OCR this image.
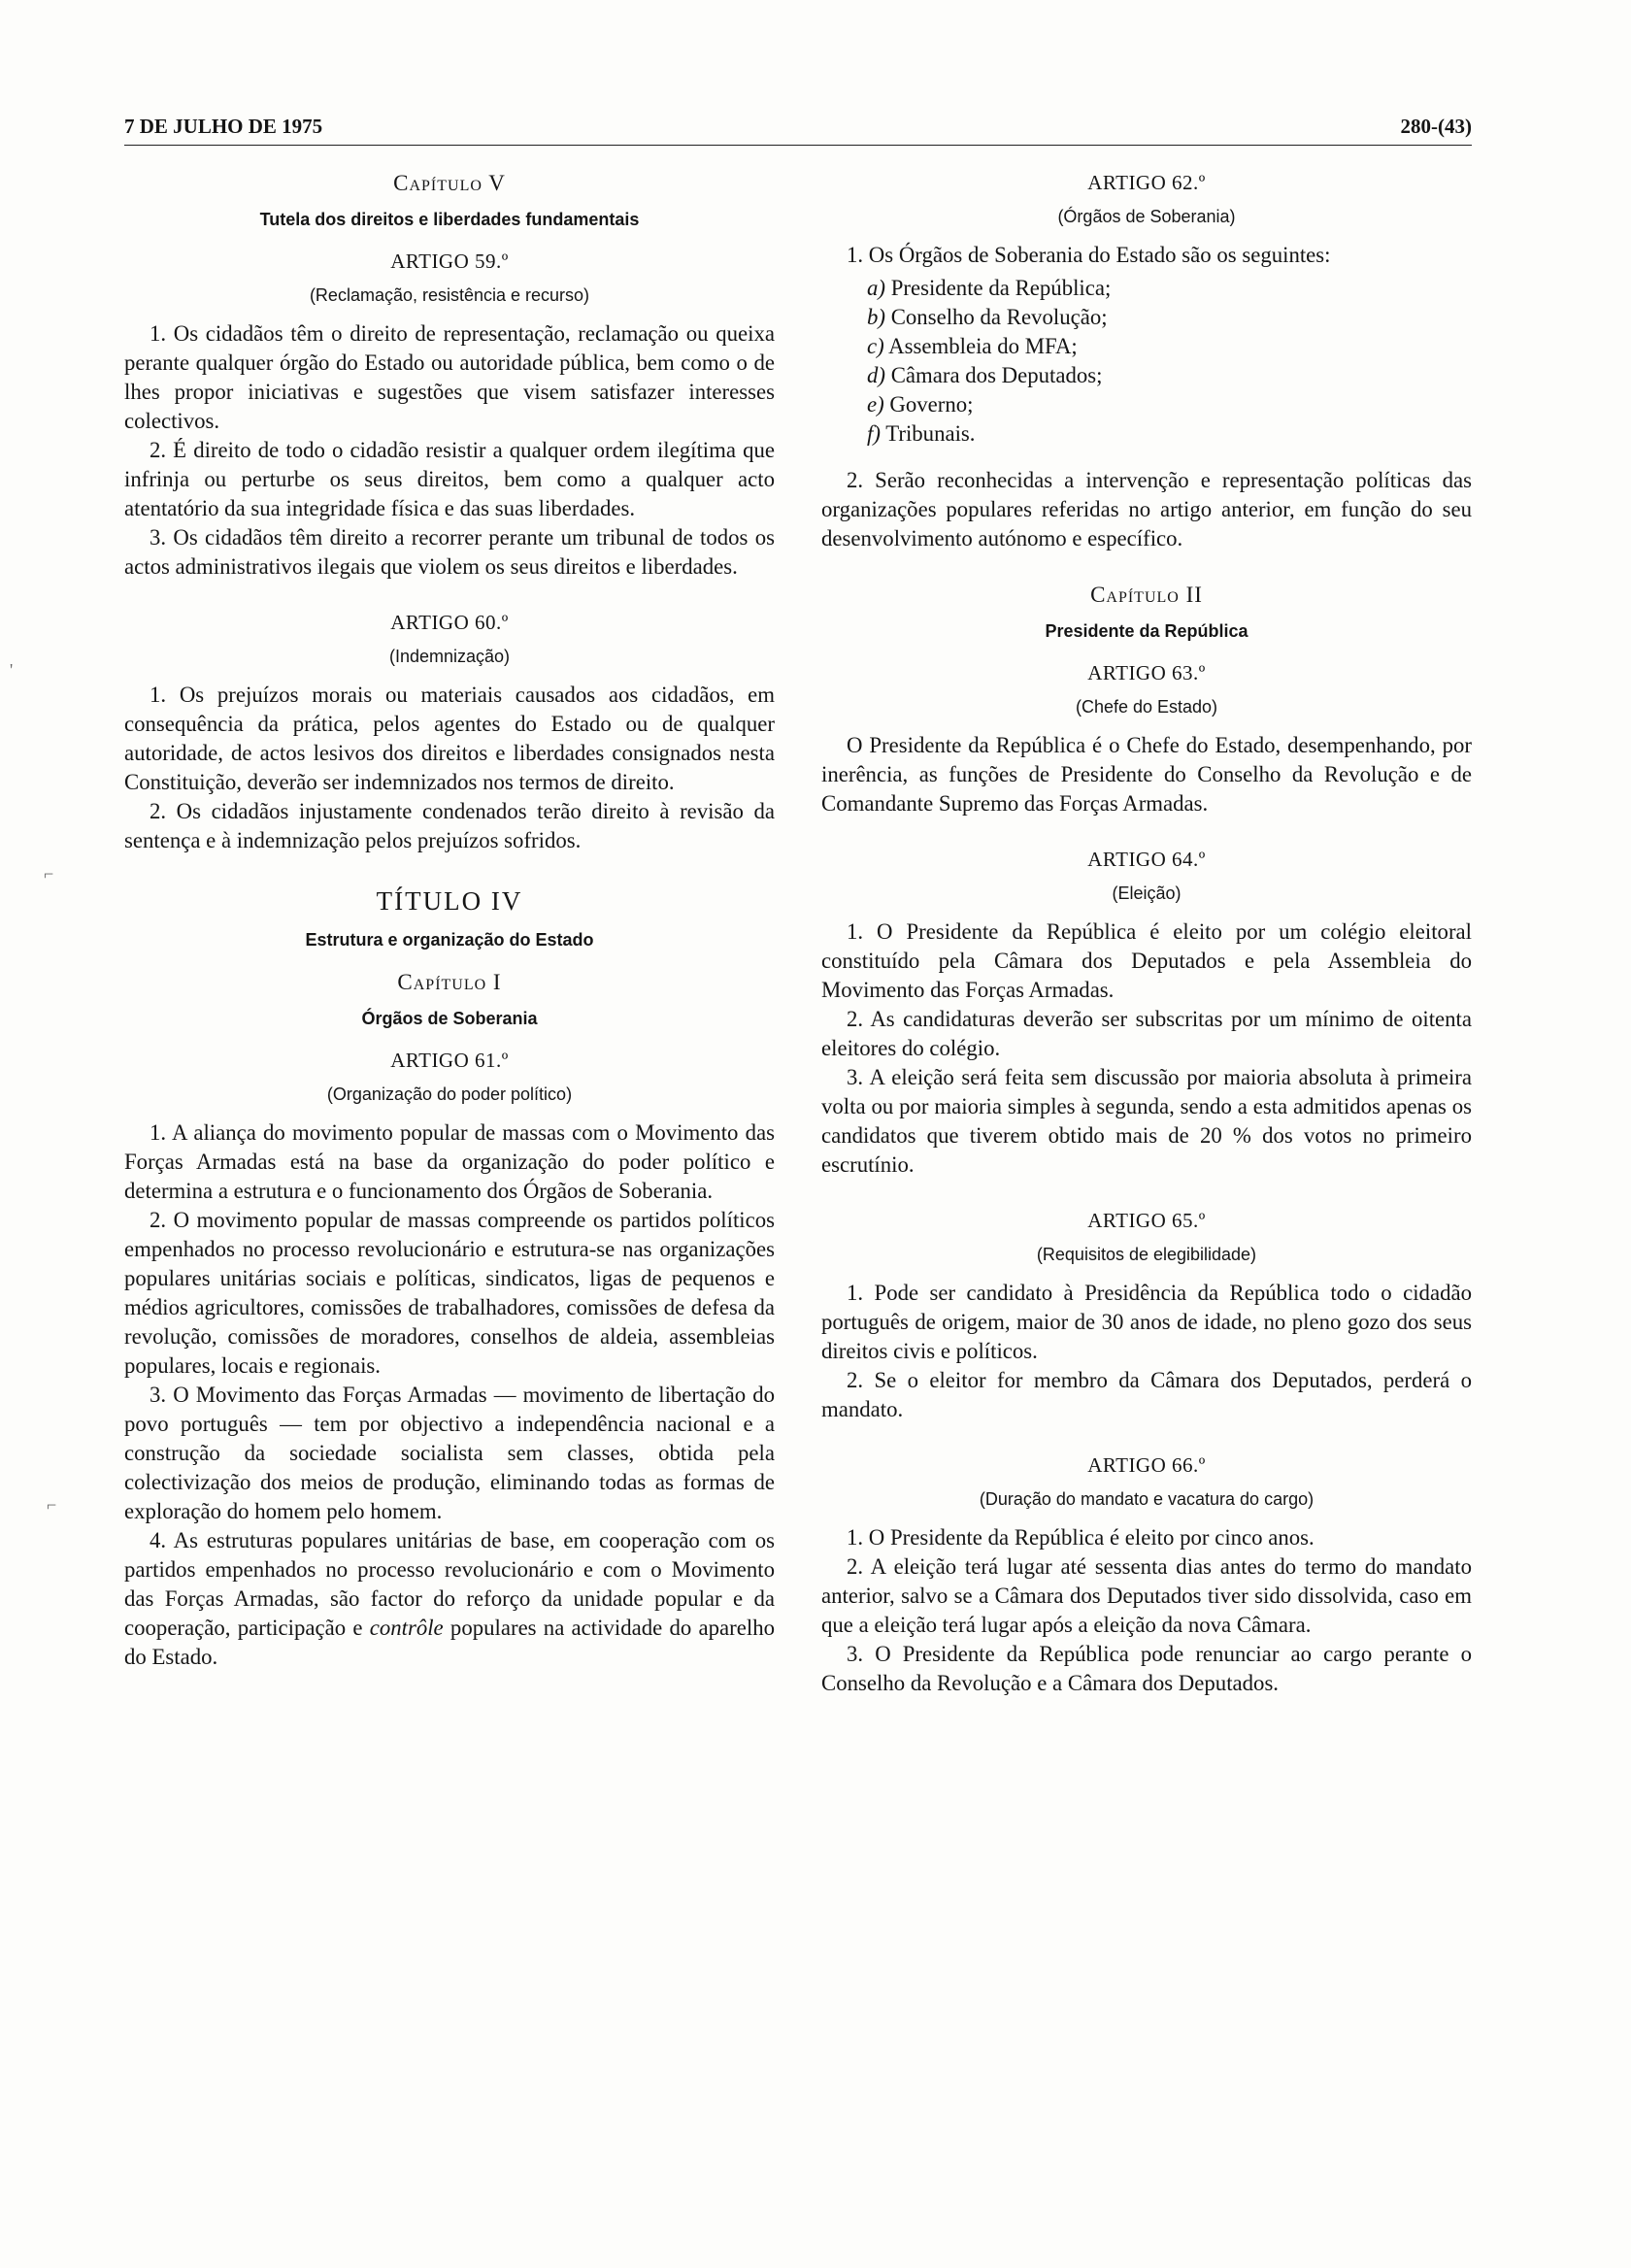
7 DE JULHO DE 1975	280-(43)
Capítulo V
Tutela dos direitos e liberdades fundamentais
ARTIGO 59.º
(Reclamação, resistência e recurso)

1. Os cidadãos têm o direito de representação, reclamação ou queixa perante qualquer órgão do Estado ou autoridade pública, bem como o de lhes propor iniciativas e sugestões que visem satisfazer interesses colectivos.

2. É direito de todo o cidadão resistir a qualquer ordem ilegítima que infrinja ou perturbe os seus direitos, bem como a qualquer acto atentatório da sua integridade física e das suas liberdades.

3. Os cidadãos têm direito a recorrer perante um tribunal de todos os actos administrativos ilegais que violem os seus direitos e liberdades.

ARTIGO 60.º
(Indemnização)

1. Os prejuízos morais ou materiais causados aos cidadãos, em consequência da prática, pelos agentes do Estado ou de qualquer autoridade, de actos lesivos dos direitos e liberdades consignados nesta Constituição, deverão ser indemnizados nos termos de direito.

2. Os cidadãos injustamente condenados terão direito à revisão da sentença e à indemnização pelos prejuízos sofridos.

TÍTULO IV
Estrutura e organização do Estado
Capítulo I
Órgãos de Soberania
ARTIGO 61.º
(Organização do poder político)

1. A aliança do movimento popular de massas com o Movimento das Forças Armadas está na base da organização do poder político e determina a estrutura e o funcionamento dos Órgãos de Soberania.

2. O movimento popular de massas compreende os partidos políticos empenhados no processo revolucionário e estrutura-se nas organizações populares unitárias sociais e políticas, sindicatos, ligas de pequenos e médios agricultores, comissões de trabalhadores, comissões de defesa da revolução, comissões de moradores, conselhos de aldeia, assembleias populares, locais e regionais.

3. O Movimento das Forças Armadas — movimento de libertação do povo português — tem por objectivo a independência nacional e a construção da sociedade socialista sem classes, obtida pela colectivização dos meios de produção, eliminando todas as formas de exploração do homem pelo homem.

4. As estruturas populares unitárias de base, em cooperação com os partidos empenhados no processo revolucionário e com o Movimento das Forças Armadas, são factor do reforço da unidade popular e da cooperação, participação e contrôle populares na actividade do aparelho do Estado.

ARTIGO 62.º
(Órgãos de Soberania)

1. Os Órgãos de Soberania do Estado são os seguintes:

a) Presidente da República;
b) Conselho da Revolução;
c) Assembleia do MFA;
d) Câmara dos Deputados;
e) Governo;
f) Tribunais.

2. Serão reconhecidas a intervenção e representação políticas das organizações populares referidas no artigo anterior, em função do seu desenvolvimento autónomo e específico.

Capítulo II
Presidente da República
ARTIGO 63.º
(Chefe do Estado)

O Presidente da República é o Chefe do Estado, desempenhando, por inerência, as funções de Presidente do Conselho da Revolução e de Comandante Supremo das Forças Armadas.

ARTIGO 64.º
(Eleição)

1. O Presidente da República é eleito por um colégio eleitoral constituído pela Câmara dos Deputados e pela Assembleia do Movimento das Forças Armadas.

2. As candidaturas deverão ser subscritas por um mínimo de oitenta eleitores do colégio.

3. A eleição será feita sem discussão por maioria absoluta à primeira volta ou por maioria simples à segunda, sendo a esta admitidos apenas os candidatos que tiverem obtido mais de 20 % dos votos no primeiro escrutínio.

ARTIGO 65.º
(Requisitos de elegibilidade)

1. Pode ser candidato à Presidência da República todo o cidadão português de origem, maior de 30 anos de idade, no pleno gozo dos seus direitos civis e políticos.

2. Se o eleitor for membro da Câmara dos Deputados, perderá o mandato.

ARTIGO 66.º
(Duração do mandato e vacatura do cargo)

1. O Presidente da República é eleito por cinco anos.

2. A eleição terá lugar até sessenta dias antes do termo do mandato anterior, salvo se a Câmara dos Deputados tiver sido dissolvida, caso em que a eleição terá lugar após a eleição da nova Câmara.

3. O Presidente da República pode renunciar ao cargo perante o Conselho da Revolução e a Câmara dos Deputados.

'
⌐
⌐
